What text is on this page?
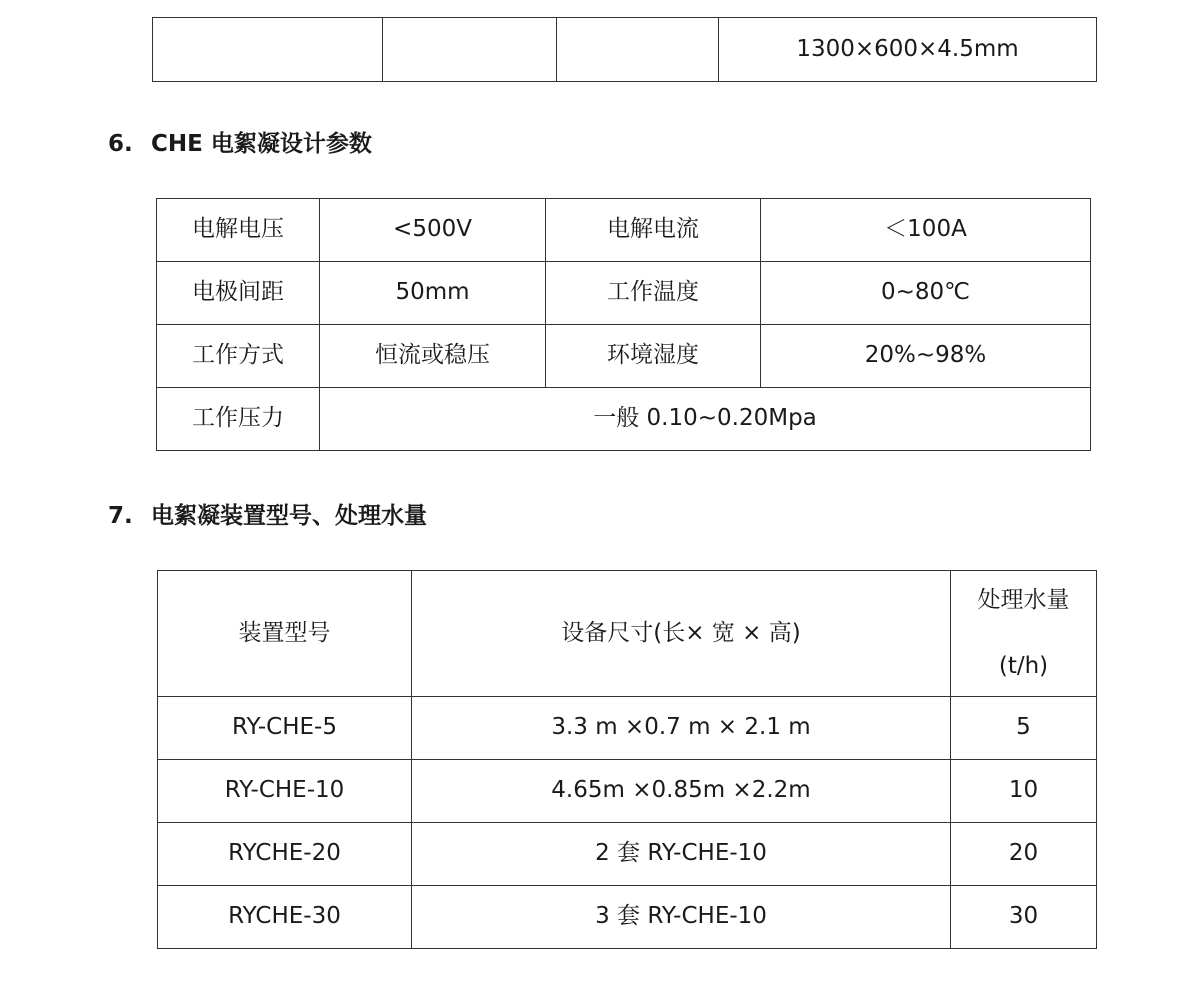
			1300×600×4.5mm
6. CHE 电絮凝设计参数
电解电压	<500V	电解电流	＜100A
电极间距	50mm	工作温度	0~80℃
工作方式	恒流或稳压	环境湿度	20%~98%
工作压力	一般 0.10~0.20Mpa		
7. 电絮凝装置型号、处理水量
装置型号	设备尺寸(长× 宽 × 高)	处理水量
(t/h)

RY-CHE-5	3.3 m ×0.7 m × 2.1 m	5
RY-CHE-10	4.65m ×0.85m ×2.2m	10
RYCHE-20	2 套 RY-CHE-10	20
RYCHE-30	3 套 RY-CHE-10	30
